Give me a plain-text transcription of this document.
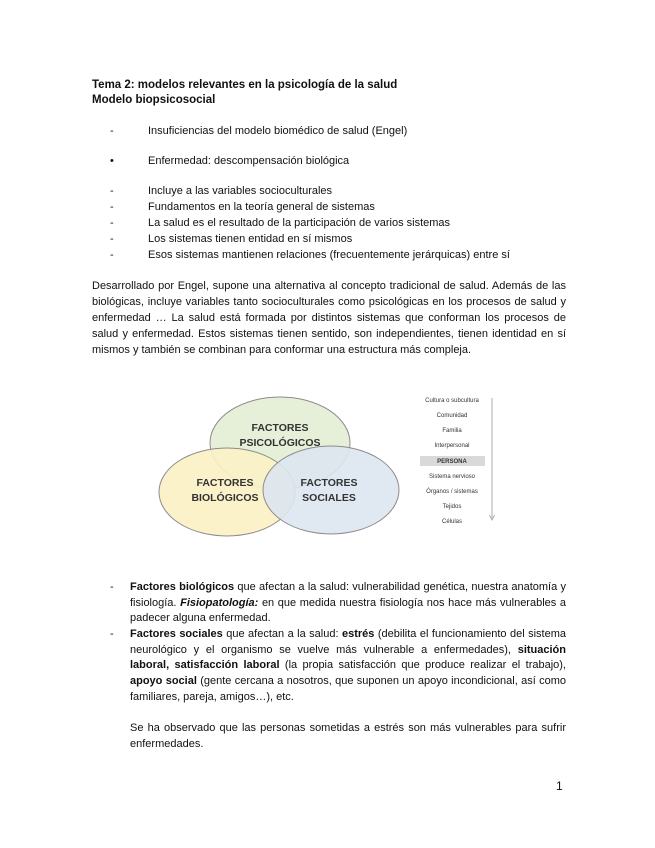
Tema 2: modelos relevantes en la psicología de la salud
Modelo biopsicosocial
-	Insuficiencias del modelo biomédico de salud (Engel)
•	Enfermedad: descompensación biológica
-	Incluye a las variables socioculturales
-	Fundamentos en la teoría general de sistemas
-	La salud es el resultado de la participación de varios sistemas
-	Los sistemas tienen entidad en sí mismos
-	Esos sistemas mantienen relaciones (frecuentemente jerárquicas) entre sí
Desarrollado por Engel, supone una alternativa al concepto tradicional de salud. Además de las biológicas, incluye variables tanto socioculturales como psicológicas en los procesos de salud y enfermedad … La salud está formada por distintos sistemas que conforman los procesos de salud y enfermedad. Estos sistemas tienen sentido, son independientes, tienen identidad en sí mismos y también se combinan para conformar una estructura más compleja.
FACTORES
PSICOLÓGICOS
FACTORES
BIOLÓGICOS
FACTORES
SOCIALES
Cultura o subcultura
Comunidad
Familia
Interpersonal
PERSONA
Sistema nervioso
Órganos / sistemas
Tejidos
Células
- Factores biológicos que afectan a la salud: vulnerabilidad genética, nuestra anatomía y fisiología. Fisiopatología: en que medida nuestra fisiología nos hace más vulnerables a padecer alguna enfermedad.
- Factores sociales que afectan a la salud: estrés (debilita el funcionamiento del sistema neurológico y el organismo se vuelve más vulnerable a enfermedades), situación laboral, satisfacción laboral (la propia satisfacción que produce realizar el trabajo), apoyo social (gente cercana a nosotros, que suponen un apoyo incondicional, así como familiares, pareja, amigos…), etc.
Se ha observado que las personas sometidas a estrés son más vulnerables para sufrir enfermedades.
1
